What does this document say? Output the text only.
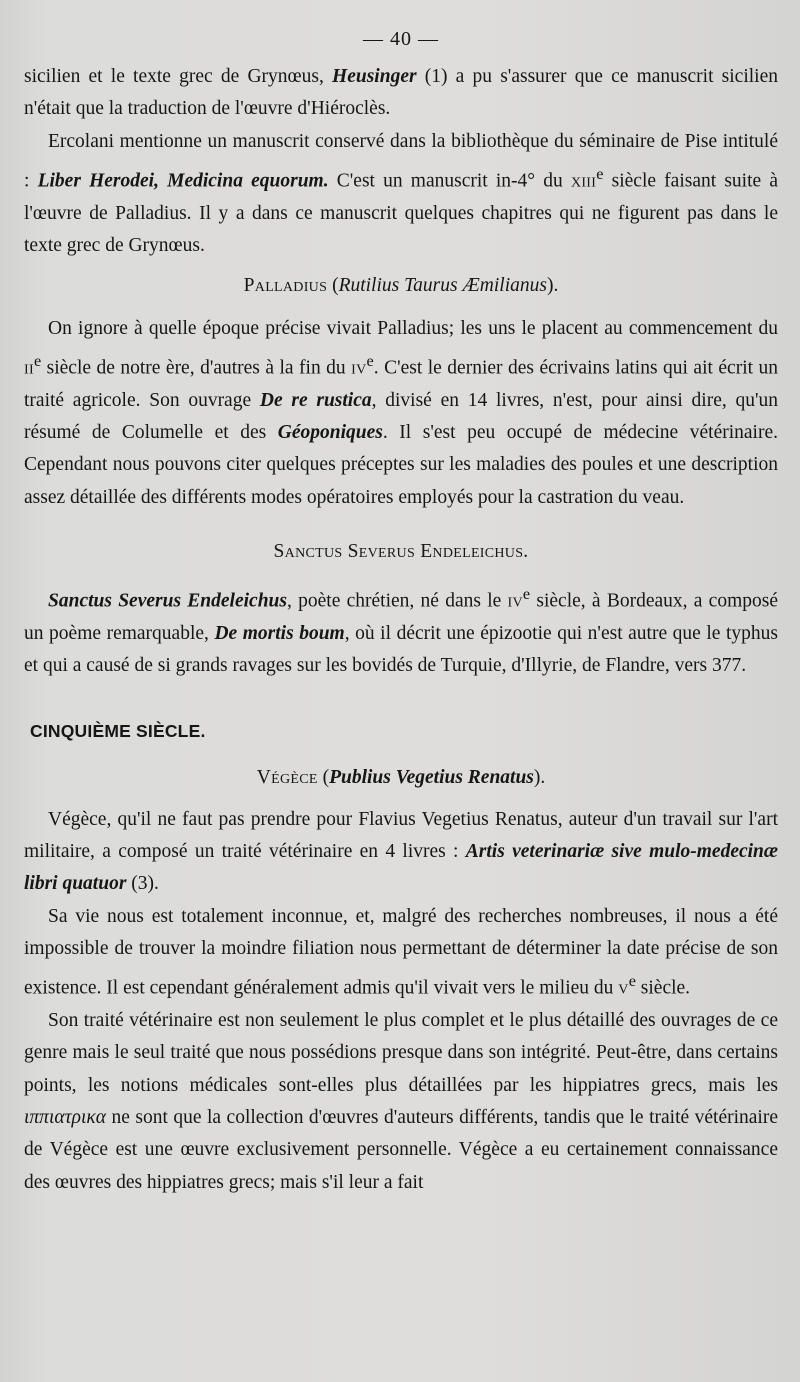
— 40 —

sicilien et le texte grec de Grynœus, Heusinger (1) a pu s'assurer que ce manuscrit sicilien n'était que la traduction de l'œuvre d'Hiéroclès.

Ercolani mentionne un manuscrit conservé dans la bibliothèque du séminaire de Pise intitulé : Liber Herodei, Medicina equorum. C'est un manuscrit in-4° du xiii$^e$ siècle faisant suite à l'œuvre de Palladius. Il y a dans ce manuscrit quelques chapitres qui ne figurent pas dans le texte grec de Grynœus.

Palladius (Rutilius Taurus Æmilianus).

On ignore à quelle époque précise vivait Palladius; les uns le placent au commencement du $ii^e$ siècle de notre ère, d'autres à la fin du $iv^e$. C'est le dernier des écrivains latins qui ait écrit un traité agricole. Son ouvrage De re rustica, divisé en 14 livres, n'est, pour ainsi dire, qu'un résumé de Columelle et des Géoponiques. Il s'est peu occupé de médecine vétérinaire. Cependant nous pouvons citer quelques préceptes sur les maladies des poules et une description assez détaillée des différents modes opératoires employés pour la castration du veau.

Sanctus Severus Endeleichus.

Sanctus Severus Endeleichus, poète chrétien, né dans le $iv^e$ siècle, à Bordeaux, a composé un poème remarquable, De mortis boum, où il décrit une épizootie qui n'est autre que le typhus et qui a causé de si grands ravages sur les bovidés de Turquie, d'Illyrie, de Flandre, vers 377.

CINQUIÈME SIÈCLE.
Végèce (Publius Vegetius Renatus).

Végèce, qu'il ne faut pas prendre pour Flavius Vegetius Renatus, auteur d'un travail sur l'art militaire, a composé un traité vétérinaire en 4 livres : Artis veterinariæ sive mulo-medecinæ libri quatuor (3).

Sa vie nous est totalement inconnue, et, malgré des recherches nombreuses, il nous a été impossible de trouver la moindre filiation nous permettant de déterminer la date précise de son existence. Il est cependant généralement admis qu'il vivait vers le milieu du $v^e$ siècle.

Son traité vétérinaire est non seulement le plus complet et le plus détaillé des ouvrages de ce genre mais le seul traité que nous possédions presque dans son intégrité. Peut-être, dans certains points, les notions médicales sont-elles plus détaillées par les hippiatres grecs, mais les ιππιατρικα ne sont que la collection d'œuvres d'auteurs différents, tandis que le traité vétérinaire de Végèce est une œuvre exclusivement personnelle. Végèce a eu certainement connaissance des œuvres des hippiatres grecs; mais s'il leur a fait
